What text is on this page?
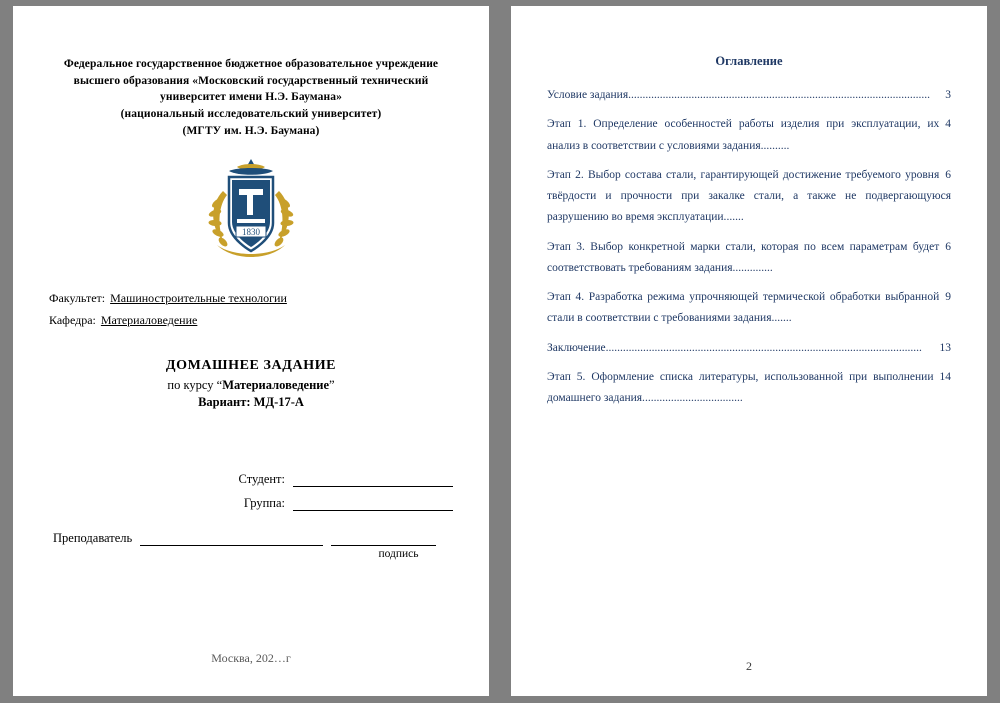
Федеральное государственное бюджетное образовательное учреждение
высшего образования «Московский государственный технический
университет имени Н.Э. Баумана»
(национальный исследовательский университет)
(МГТУ им. Н.Э. Баумана)
1830
Факультет: Машиностроительные технологии
Кафедра: Материаловедение
ДОМАШНЕЕ ЗАДАНИЕ
по курсу “Материаловедение”
Вариант: МД-17-А
Студент:
Группа:
Преподаватель
подпись
Москва, 202…г
Оглавление
3
Условие задания.........................................................................................................
4
Этап 1. Определение особенностей работы изделия при эксплуатации, их анализ в соответствии с условиями задания..........
6
Этап 2. Выбор состава стали, гарантирующей достижение требуемого уровня твёрдости и прочности при закалке стали, а также не подвергающуюся разрушению во время эксплуатации.......
6
Этап 3. Выбор конкретной марки стали, которая по всем параметрам будет соответствовать требованиям задания..............
9
Этап 4. Разработка режима упрочняющей термической обработки выбранной стали в соответствии с требованиями задания.......
13
Заключение..............................................................................................................
14
Этап 5. Оформление списка литературы, использованной при выполнении домашнего задания...................................
2
